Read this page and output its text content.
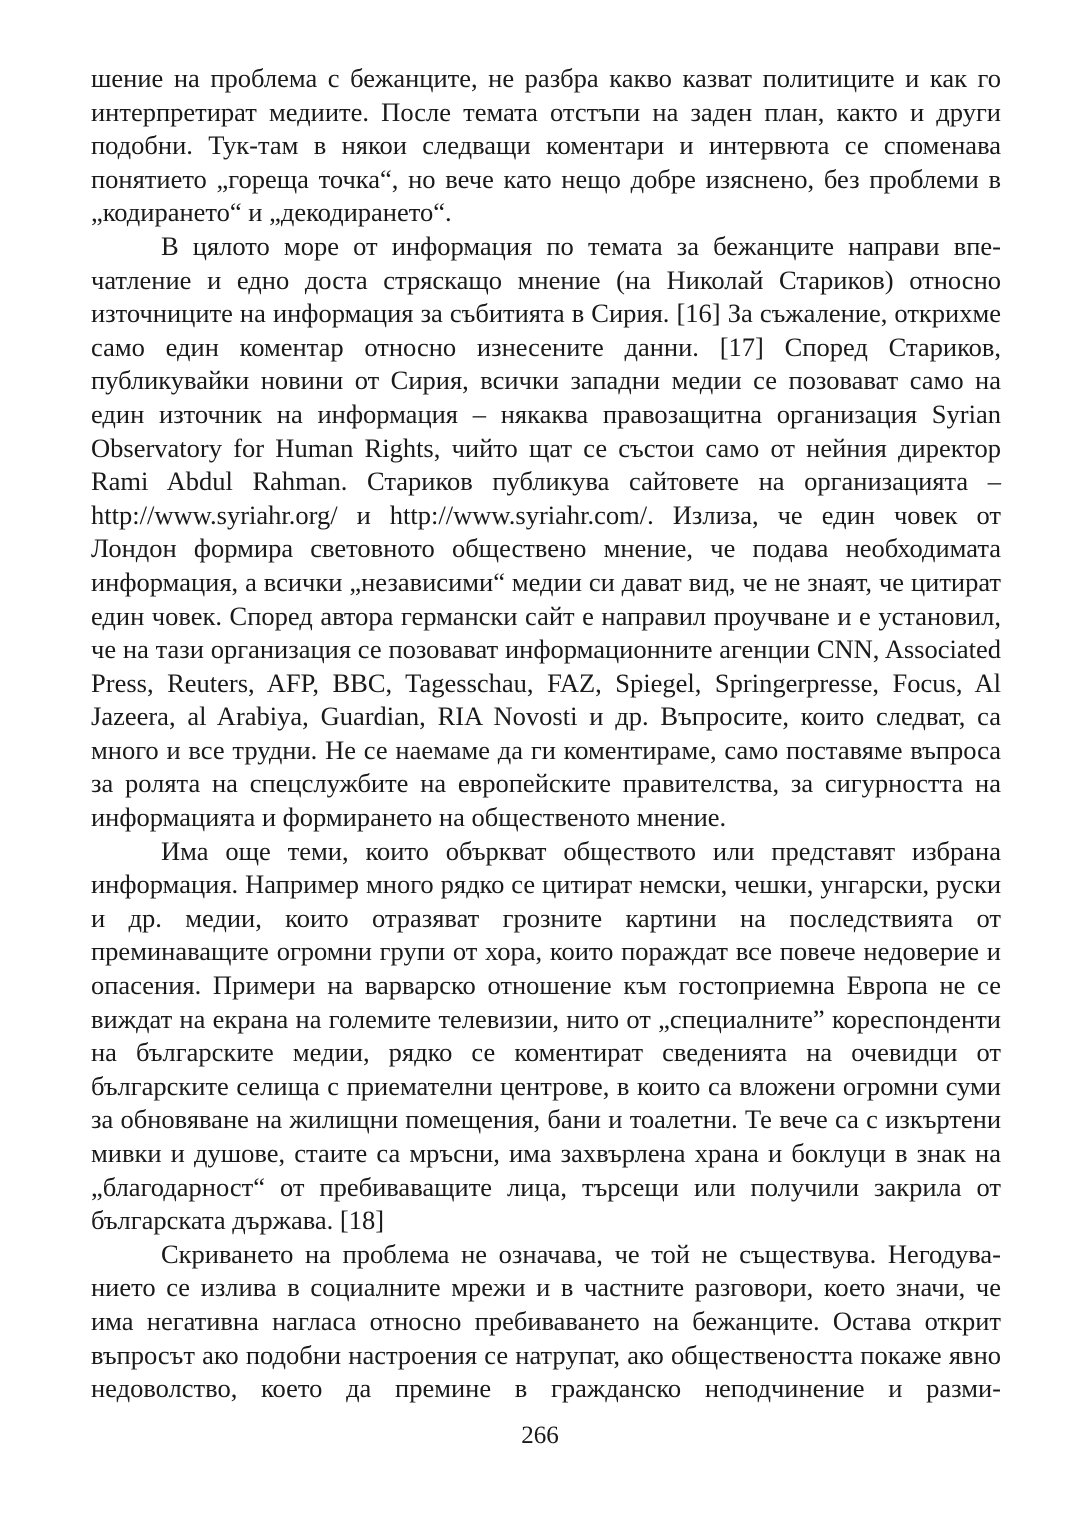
шение на проблема с бежанците, не разбра какво казват политиците и как го интерпретират медиите. После темата отстъпи на заден план, както и други подобни. Тук-там в някои следващи коментари и интервюта се споменава понятието „гореща точка“, но вече като нещо добре изяснено, без проблеми в „кодирането“ и „декодирането“.

В цялото море от информация по темата за бежанците направи впечатление и едно доста стряскащо мнение (на Николай Стариков) относно източниците на информация за събитията в Сирия. [16] За съжаление, открихме само един коментар относно изнесените данни. [17] Според Стариков, публикувайки новини от Сирия, всички западни медии се позовават само на един източник на информация – някаква правозащитна организация Syrian Observatory for Human Rights, чийто щат се състои само от нейния директор Rami Abdul Rahman. Стариков публикува сайтовете на организацията – http://www.syriahr.org/ и http://www.syriahr.com/. Излиза, че един човек от Лондон формира световното обществено мнение, че подава необходимата информация, а всички „независими“ медии си дават вид, че не знаят, че цитират един човек. Според автора германски сайт е направил проучване и е установил, че на тази организация се позовават информационните агенции CNN, Associated Press, Reuters, AFP, BBC, Tagesschau, FAZ, Spiegel, Springerpresse, Focus, Al Jazeera, al Arabiya, Guardian, RIA Novosti и др. Въпросите, които следват, са много и все трудни. Не се наемаме да ги коментираме, само поставяме въпроса за ролята на спецслужбите на европейските правителства, за сигурността на информацията и формирането на общественото мнение.

Има още теми, които объркват обществото или представят избрана информация. Например много рядко се цитират немски, чешки, унгарски, руски и др. медии, които отразяват грозните картини на последствията от преминаващите огромни групи от хора, които пораждат все повече недоверие и опасения. Примери на варварско отношение към гостоприемна Европа не се виждат на екрана на големите телевизии, нито от „специалните” кореспонденти на българските медии, рядко се коментират сведенията на очевидци от българските селища с приемателни центрове, в които са вложени огромни суми за обновяване на жилищни помещения, бани и тоалетни. Те вече са с изкъртени мивки и душове, стаите са мръсни, има захвърлена храна и боклуци в знак на „благодарност“ от пребиваващите лица, търсещи или получили закрила от българската държава. [18]

Скриването на проблема не означава, че той не съществува. Негодуванието се излива в социалните мрежи и в частните разговори, което значи, че има негативна нагласа относно пребиваването на бежанците. Остава открит въпросът ако подобни настроения се натрупат, ако обществеността покаже явно недоволство, което да премине в гражданско неподчинение и разми-

266
